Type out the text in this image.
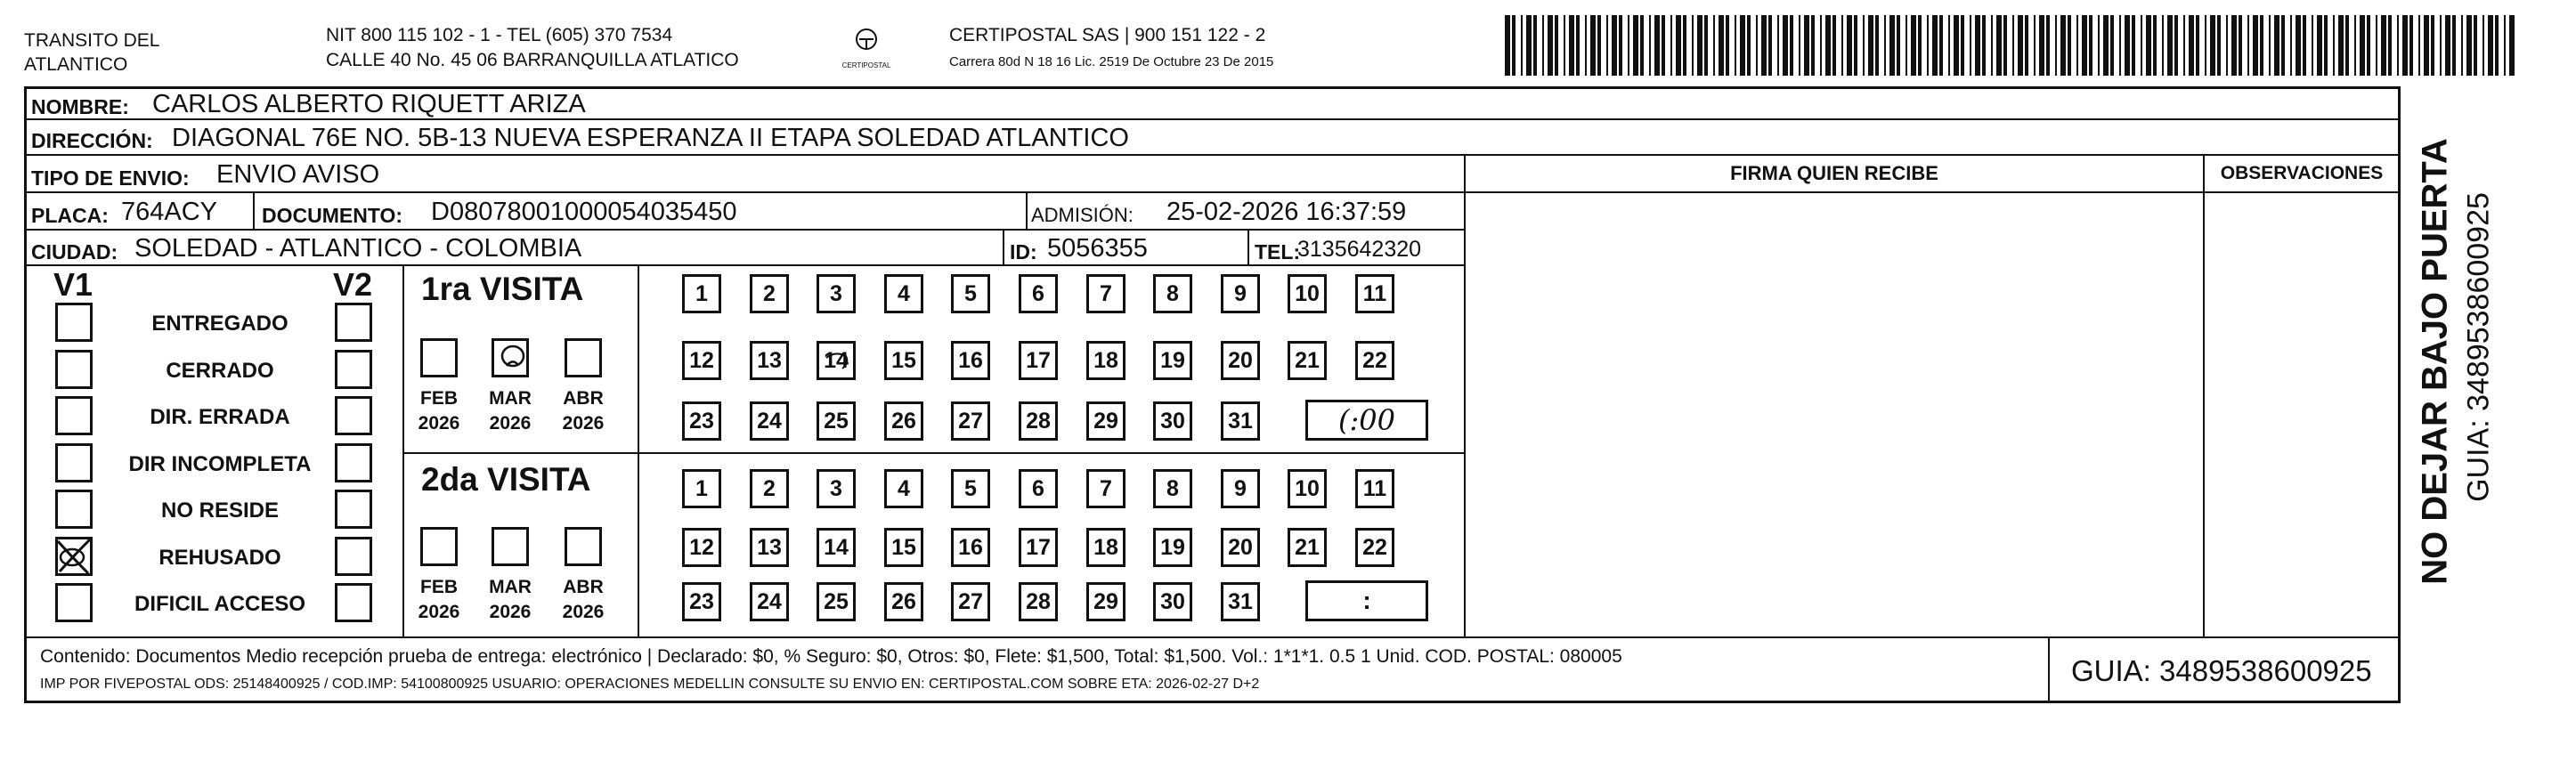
TRANSITO DEL
ATLANTICO
NIT 800 115 102 - 1 - TEL (605) 370 7534
CALLE 40 No. 45 06 BARRANQUILLA ATLATICO	CERTIPOSTAL
CERTIPOSTAL SAS | 900 151 122 - 2
Carrera 80d N 18 16 Lic. 2519 De Octubre 23 De 2015
NOMBRE: CARLOS ALBERTO RIQUETT ARIZA
DIRECCIÓN: DIAGONAL 76E NO. 5B-13 NUEVA ESPERANZA II ETAPA SOLEDAD ATLANTICO
TIPO DE ENVIO: ENVIO AVISO
PLACA: 764ACY DOCUMENTO: D08078001000054035450	ADMISIÓN: 25-02-2026 16:37:59
CIUDAD: SOLEDAD - ATLANTICO - COLOMBIA	ID: 5056355	TEL:
3135642320
FIRMA QUIEN RECIBE	OBSERVACIONES
V1	V2 1ra VISITA
2da VISITA
Contenido: Documentos Medio recepción prueba de entrega: electrónico | Declarado: $0, % Seguro: $0, Otros: $0, Flete: $1,500, Total: $1,500. Vol.: 1*1*1. 0.5 1 Unid. COD. POSTAL: 080005
IMP POR FIVEPOSTAL ODS: 25148400925 / COD.IMP: 54100800925 USUARIO: OPERACIONES MEDELLIN CONSULTE SU ENVIO EN: CERTIPOSTAL.COM SOBRE ETA: 2026-02-27 D+2	GUIA: 3489538600925
NO DEJAR BAJO PUERTA GUIA: 3489538600925
ENTREGADO
CERRADO
DIR. ERRADA
DIR INCOMPLETA
NO RESIDE
REHUSADO
DIFICIL ACCESO
FEB
2026
MAR
2026
ABR
2026
FEB
2026
MAR
2026
ABR
2026
1	2	3	4	5	6	7	8	9	10	11
12	13	14	15	16	17	18	19	20	21	22
23	24	25	26	27	28	29	30	31	(:00
1	2	3	4	5	6	7	8	9	10	11
12	13	14	15	16	17	18	19	20	21	22
23	24	25	26	27	28	29	30	31	:
